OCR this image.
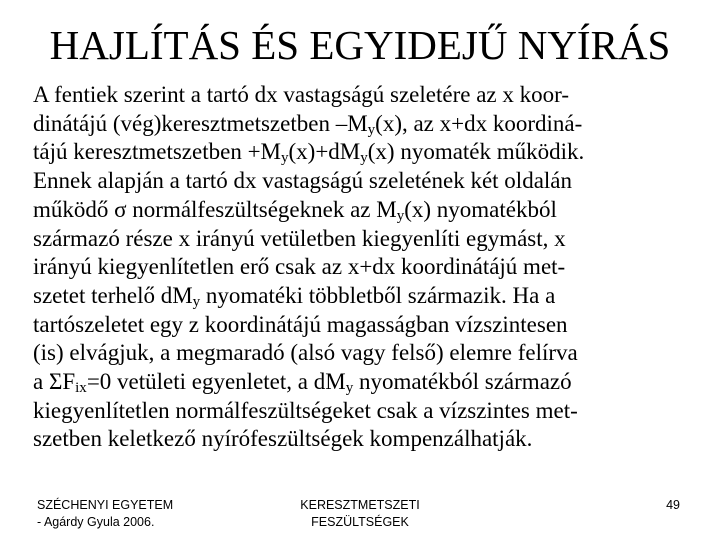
HAJLÍTÁS ÉS EGYIDEJŰ NYÍRÁS
A fentiek szerint a tartó dx vastagságú szeletére az x koor-
dinátájú (vég)keresztmetszetben $-M_y(x)$, az x+dx koordiná-
tájú keresztmetszetben $+M_y(x)+dM_y(x)$ nyomaték működik.
Ennek alapján a tartó dx vastagságú szeletének két oldalán
működő σ normálfeszültségeknek az $M_y(x)$ nyomatékból
származó része x irányú vetületben kiegyenlíti egymást, x
irányú kiegyenlítetlen erő csak az x+dx koordinátájú met-
szetet terhelő $dM_y$ nyomatéki többletből származik. Ha a
tartószeletet egy z koordinátájú magasságban vízszintesen
(is) elvágjuk, a megmaradó (alsó vagy felső) elemre felírva
a $\Sigma F_{ix}=0$ vetületi egyenletet, a $dM_y$ nyomatékból származó
kiegyenlítetlen normálfeszültségeket csak a vízszintes met-
szetben keletkező nyírófeszültségek kompenzálhatják.
SZÉCHENYI EGYETEM
- Agárdy Gyula 2006.
KERESZTMETSZETI
FESZÜLTSÉGEK
49
